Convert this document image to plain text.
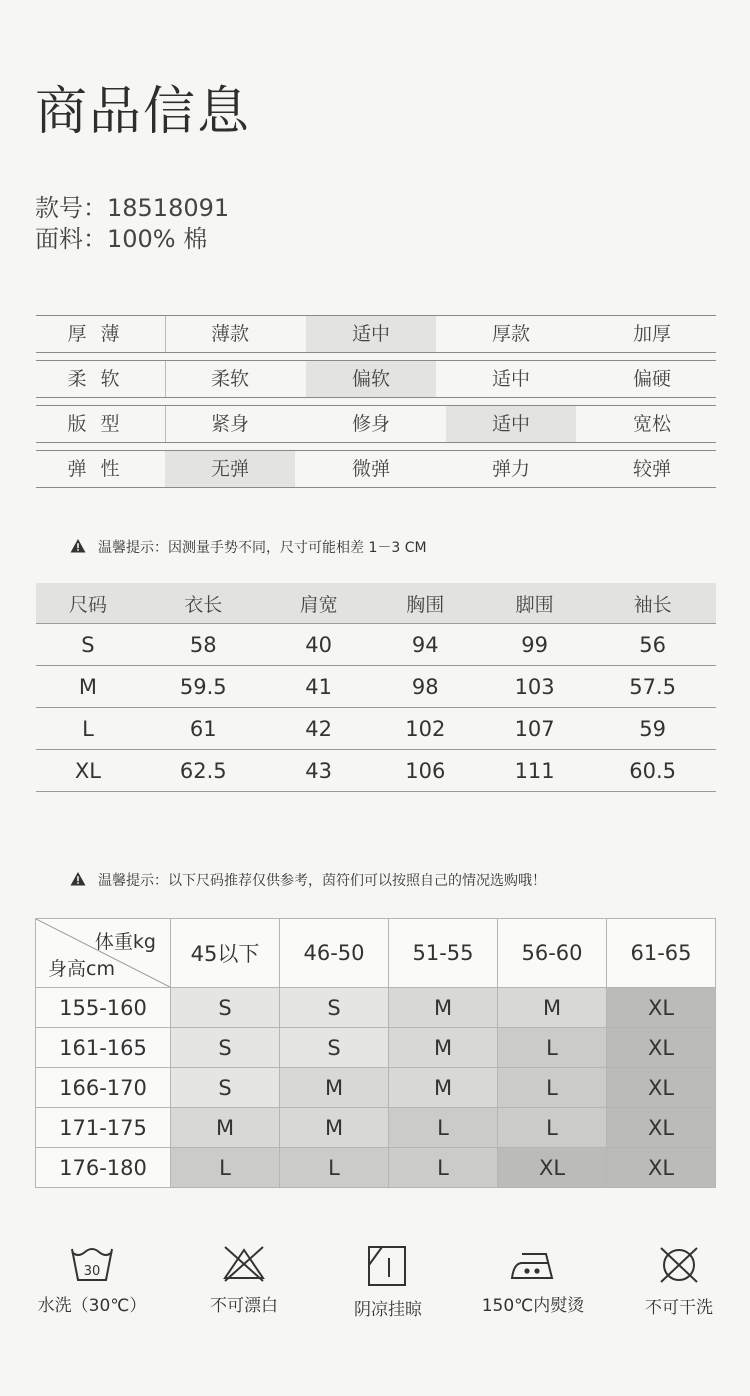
商品信息
款号：18518091
面料：100% 棉
厚薄	薄款	适中	厚款	加厚
柔软	柔软	偏软	适中	偏硬
版型	紧身	修身	适中	宽松
弹性	无弹	微弹	弹力	较弹
温馨提示：因测量手势不同，尺寸可能相差 1－3 CM
尺码	衣长	肩宽	胸围	脚围	袖长
S	58	40	94	99	56
M	59.5	41	98	103	57.5
L	61	42	102	107	59
XL	62.5	43	106	111	60.5
温馨提示：以下尺码推荐仅供参考，茵符们可以按照自己的情况选购哦！
体重kg
身高cm	45以下	46-50	51-55	56-60	61-65
155-160	S	S	M	M	XL
161-165	S	S	M	L	XL
166-170	S	M	M	L	XL
171-175	M	M	L	L	XL
176-180	L	L	L	XL	XL
30
水洗（30℃）	不可漂白	阴凉挂晾	150℃内熨烫	不可干洗
